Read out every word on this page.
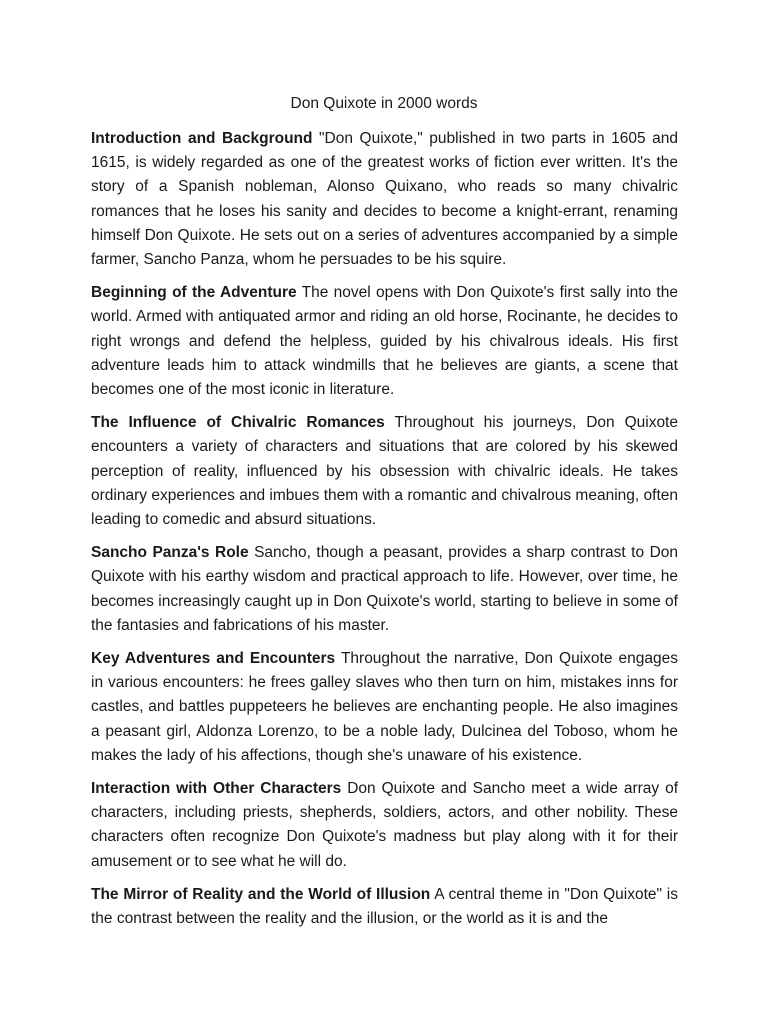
Don Quixote in 2000 words

Introduction and Background "Don Quixote," published in two parts in 1605 and 1615, is widely regarded as one of the greatest works of fiction ever written. It's the story of a Spanish nobleman, Alonso Quixano, who reads so many chivalric romances that he loses his sanity and decides to become a knight-errant, renaming himself Don Quixote. He sets out on a series of adventures accompanied by a simple farmer, Sancho Panza, whom he persuades to be his squire.

Beginning of the Adventure The novel opens with Don Quixote's first sally into the world. Armed with antiquated armor and riding an old horse, Rocinante, he decides to right wrongs and defend the helpless, guided by his chivalrous ideals. His first adventure leads him to attack windmills that he believes are giants, a scene that becomes one of the most iconic in literature.

The Influence of Chivalric Romances Throughout his journeys, Don Quixote encounters a variety of characters and situations that are colored by his skewed perception of reality, influenced by his obsession with chivalric ideals. He takes ordinary experiences and imbues them with a romantic and chivalrous meaning, often leading to comedic and absurd situations.

Sancho Panza's Role Sancho, though a peasant, provides a sharp contrast to Don Quixote with his earthy wisdom and practical approach to life. However, over time, he becomes increasingly caught up in Don Quixote's world, starting to believe in some of the fantasies and fabrications of his master.

Key Adventures and Encounters Throughout the narrative, Don Quixote engages in various encounters: he frees galley slaves who then turn on him, mistakes inns for castles, and battles puppeteers he believes are enchanting people. He also imagines a peasant girl, Aldonza Lorenzo, to be a noble lady, Dulcinea del Toboso, whom he makes the lady of his affections, though she's unaware of his existence.

Interaction with Other Characters Don Quixote and Sancho meet a wide array of characters, including priests, shepherds, soldiers, actors, and other nobility. These characters often recognize Don Quixote's madness but play along with it for their amusement or to see what he will do.

The Mirror of Reality and the World of Illusion A central theme in "Don Quixote" is the contrast between the reality and the illusion, or the world as it is and the
